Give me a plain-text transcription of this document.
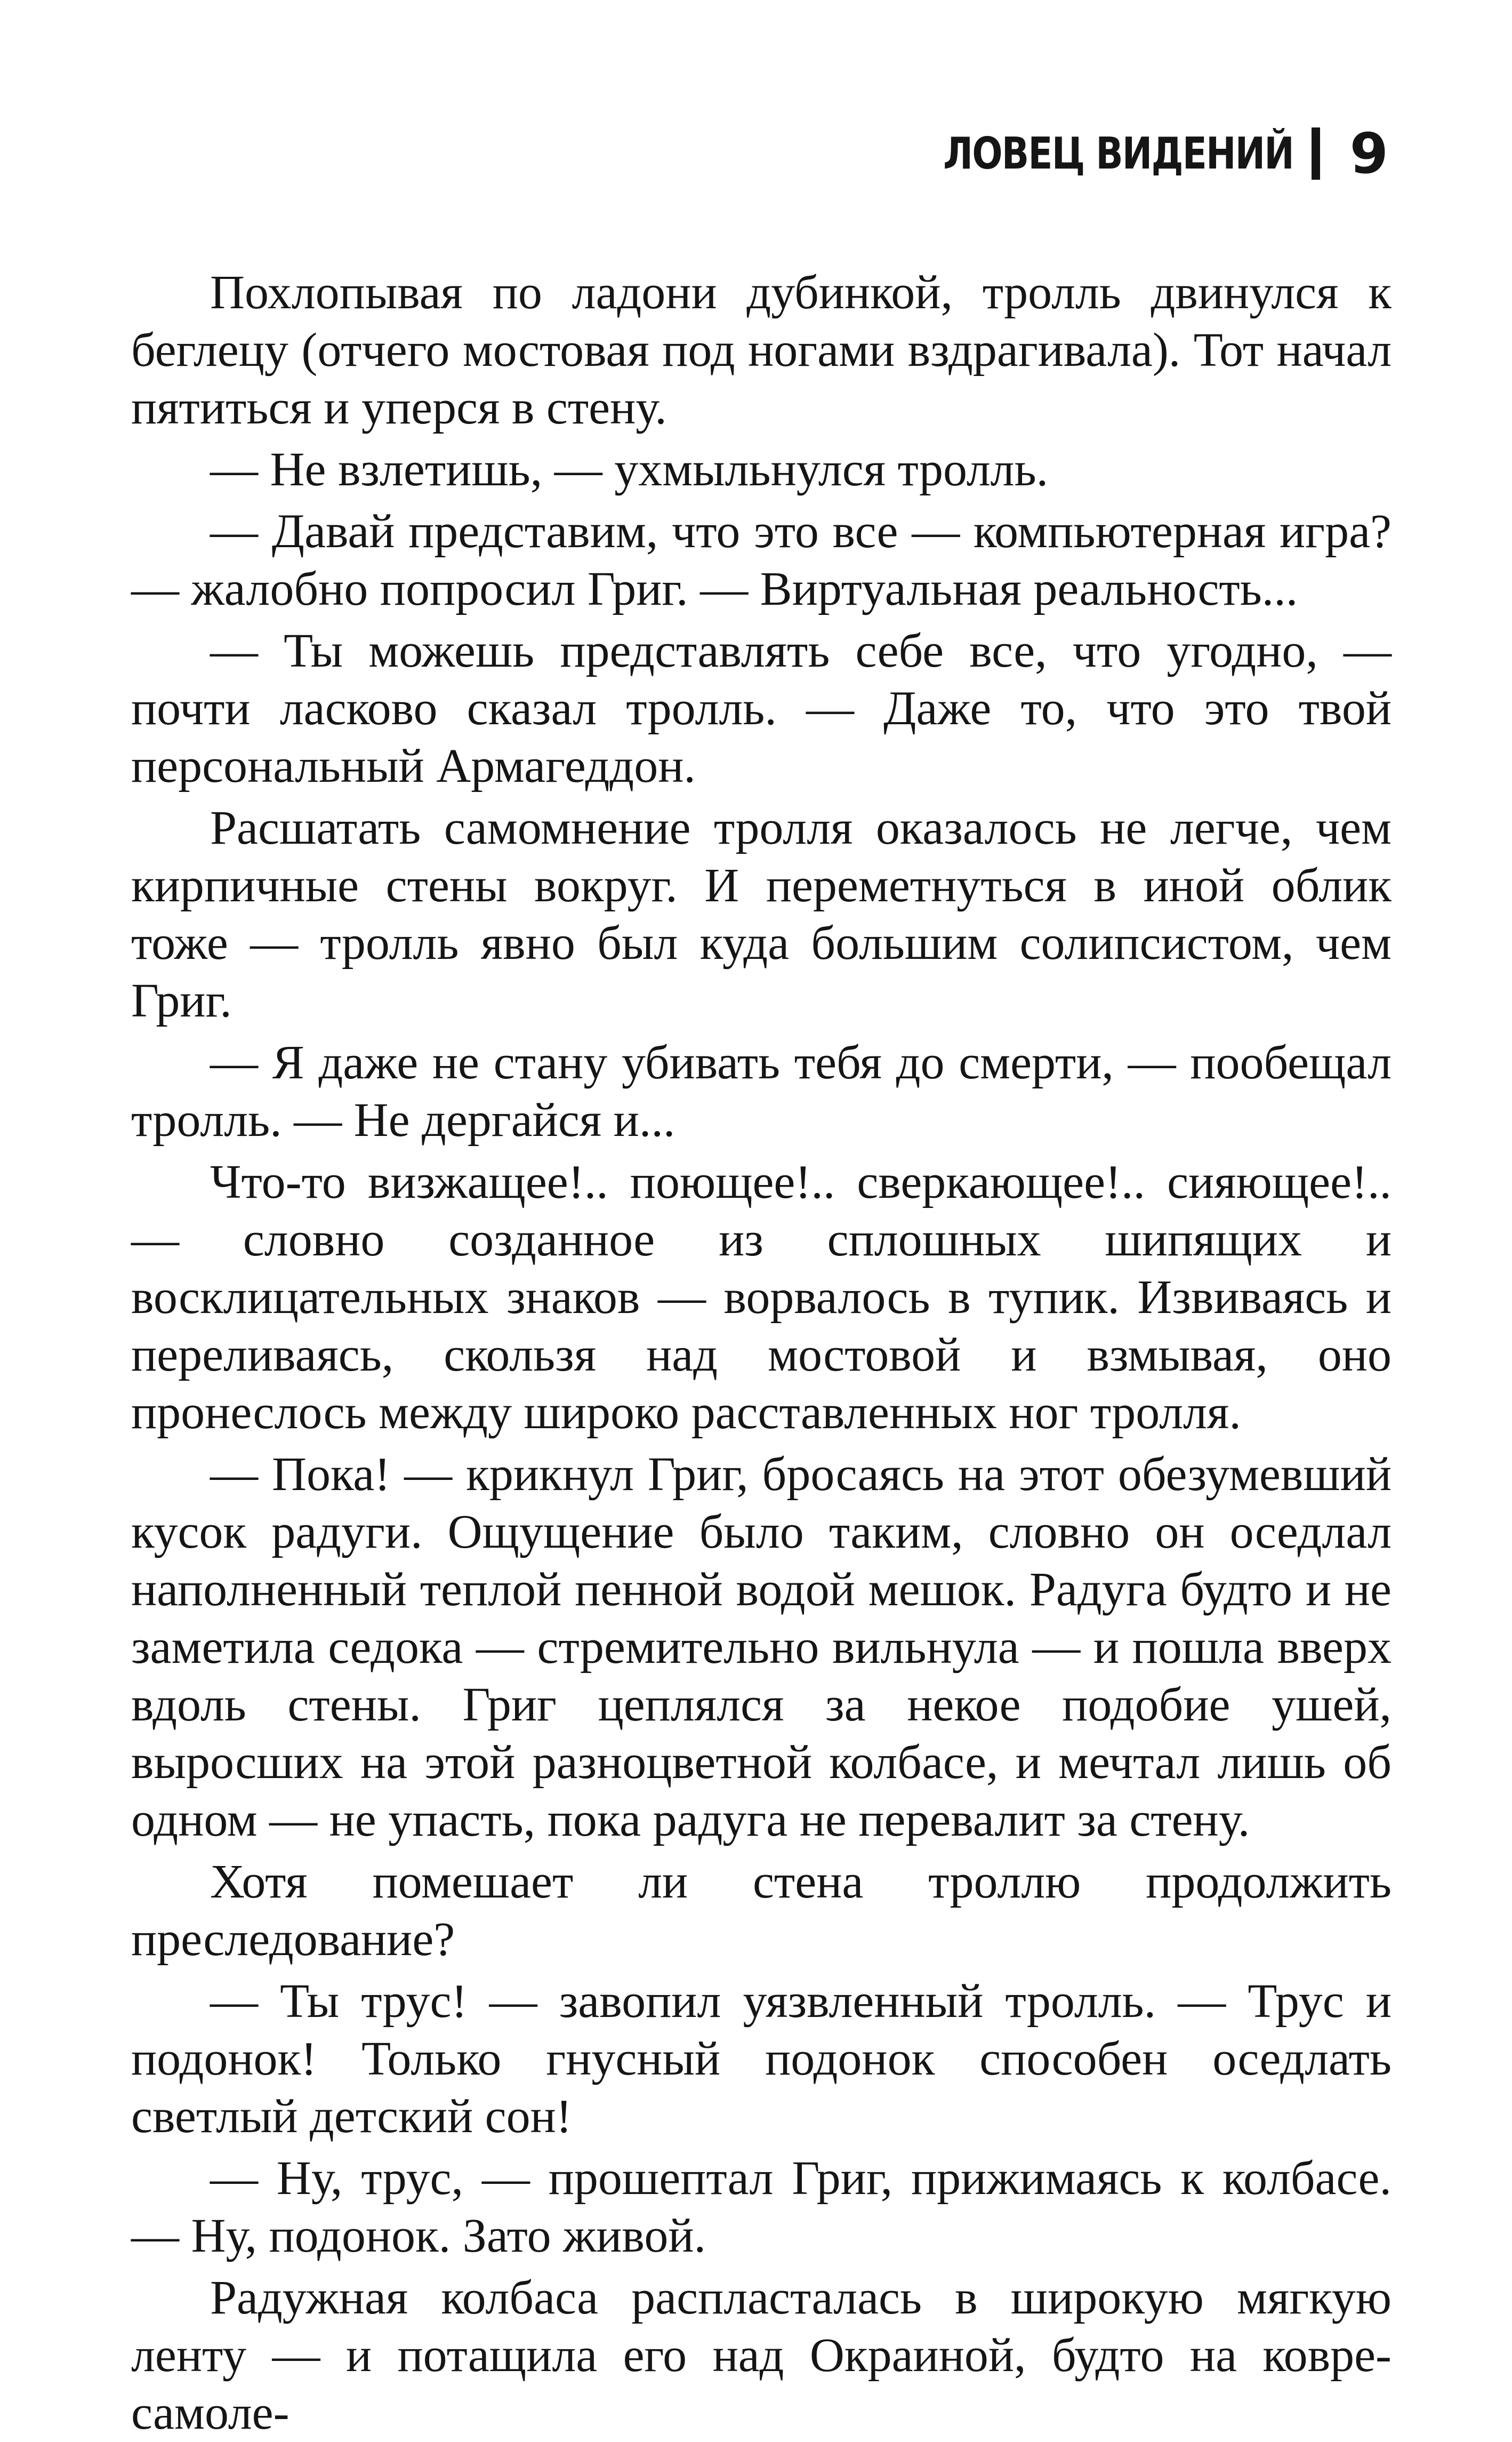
ЛОВЕЦ ВИДЕНИЙ 9

Похлопывая по ладони дубинкой, тролль двинулся к беглецу (отчего мостовая под ногами вздрагивала). Тот начал пятиться и уперся в стену.

— Не взлетишь, — ухмыльнулся тролль.

— Давай представим, что это все — компьютерная игра? — жалобно попросил Григ. — Виртуальная реальность...

— Ты можешь представлять себе все, что угодно, — почти ласково сказал тролль. — Даже то, что это твой персональный Армагеддон.

Расшатать самомнение тролля оказалось не легче, чем кирпичные стены вокруг. И переметнуться в иной облик тоже — тролль явно был куда большим солипсистом, чем Григ.

— Я даже не стану убивать тебя до смерти, — пообещал тролль. — Не дергайся и...

Что-то визжащее!.. поющее!.. сверкающее!.. сияющее!.. — словно созданное из сплошных шипящих и восклицательных знаков — ворвалось в тупик. Извиваясь и переливаясь, скользя над мостовой и взмывая, оно пронеслось между широко расставленных ног тролля.

— Пока! — крикнул Григ, бросаясь на этот обезумевший кусок радуги. Ощущение было таким, словно он оседлал наполненный теплой пенной водой мешок. Радуга будто и не заметила седока — стремительно вильнула — и пошла вверх вдоль стены. Григ цеплялся за некое подобие ушей, выросших на этой разноцветной колбасе, и мечтал лишь об одном — не упасть, пока радуга не перевалит за стену.

Хотя помешает ли стена троллю продолжить преследование?

— Ты трус! — завопил уязвленный тролль. — Трус и подонок! Только гнусный подонок способен оседлать светлый детский сон!

— Ну, трус, — прошептал Григ, прижимаясь к колбасе. — Ну, подонок. Зато живой.

Радужная колбаса распласталась в широкую мягкую ленту — и потащила его над Окраиной, будто на ковре-самоле-
